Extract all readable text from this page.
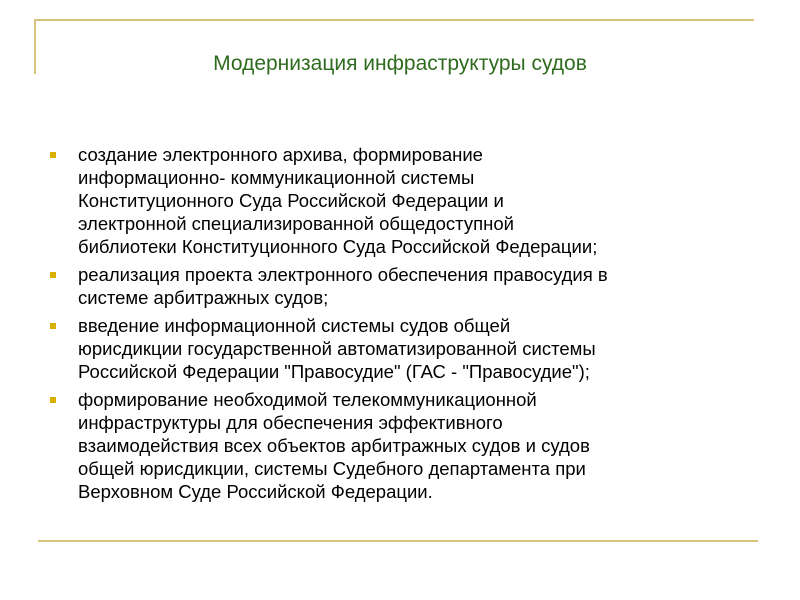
Модернизация инфраструктуры судов
создание электронного архива, формирование
информационно- коммуникационной системы
Конституционного Суда Российской Федерации и
электронной специализированной общедоступной
библиотеки Конституционного Суда Российской Федерации;
реализация проекта электронного обеспечения правосудия в
системе арбитражных судов;
введение информационной системы судов общей
юрисдикции государственной автоматизированной системы
Российской Федерации "Правосудие" (ГАС - "Правосудие");
формирование необходимой телекоммуникационной
инфраструктуры для обеспечения эффективного
взаимодействия всех объектов арбитражных судов и судов
общей юрисдикции, системы Судебного департамента при
Верховном Суде Российской Федерации.
